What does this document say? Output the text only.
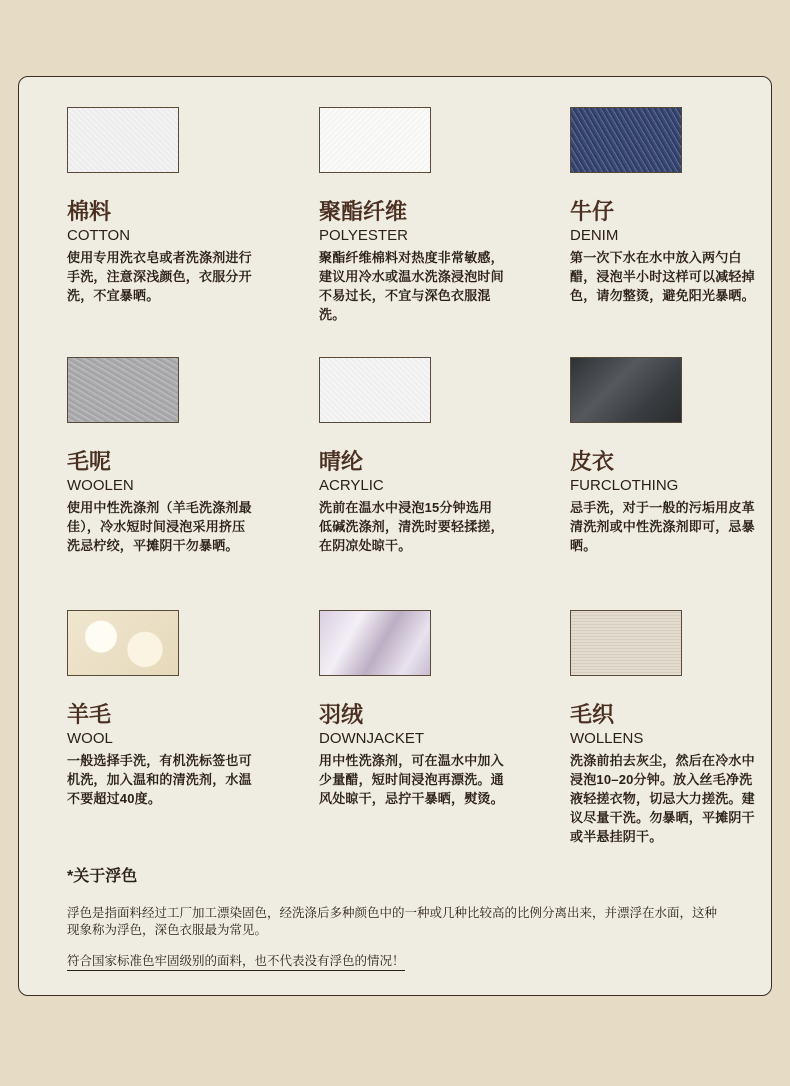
棉料
COTTON
使用专用洗衣皂或者洗涤剂进行手洗，注意深浅颜色，衣服分开洗，不宜暴晒。
聚酯纤维
POLYESTER
聚酯纤维棉料对热度非常敏感，建议用冷水或温水洗涤浸泡时间不易过长，不宜与深色衣服混洗。
牛仔
DENIM
第一次下水在水中放入两勺白醋，浸泡半小时这样可以减轻掉色，请勿整烫，避免阳光暴晒。
毛呢
WOOLEN
使用中性洗涤剂（羊毛洗涤剂最佳），冷水短时间浸泡采用挤压洗忌柠绞，平摊阴干勿暴晒。
晴纶
ACRYLIC
洗前在温水中浸泡15分钟选用低碱洗涤剂，清洗时要轻揉搓，在阴凉处晾干。
皮衣
FURCLOTHING
忌手洗，对于一般的污垢用皮革清洗剂或中性洗涤剂即可，忌暴晒。
羊毛
WOOL
一般选择手洗，有机洗标签也可机洗，加入温和的清洗剂，水温不要超过40度。
羽绒
DOWNJACKET
用中性洗涤剂，可在温水中加入少量醋，短时间浸泡再漂洗。通风处晾干，忌拧干暴晒，熨烫。
毛织
WOLLENS
洗涤前拍去灰尘，然后在冷水中浸泡10–20分钟。放入丝毛净洗液轻搓衣物，切忌大力搓洗。建议尽量干洗。勿暴晒，平摊阴干或半悬挂阴干。
*关于浮色
浮色是指面料经过工厂加工漂染固色，经洗涤后多种颜色中的一种或几种比较高的比例分离出来，并漂浮在水面，这种现象称为浮色，深色衣服最为常见。
符合国家标准色牢固级别的面料，也不代表没有浮色的情况！
